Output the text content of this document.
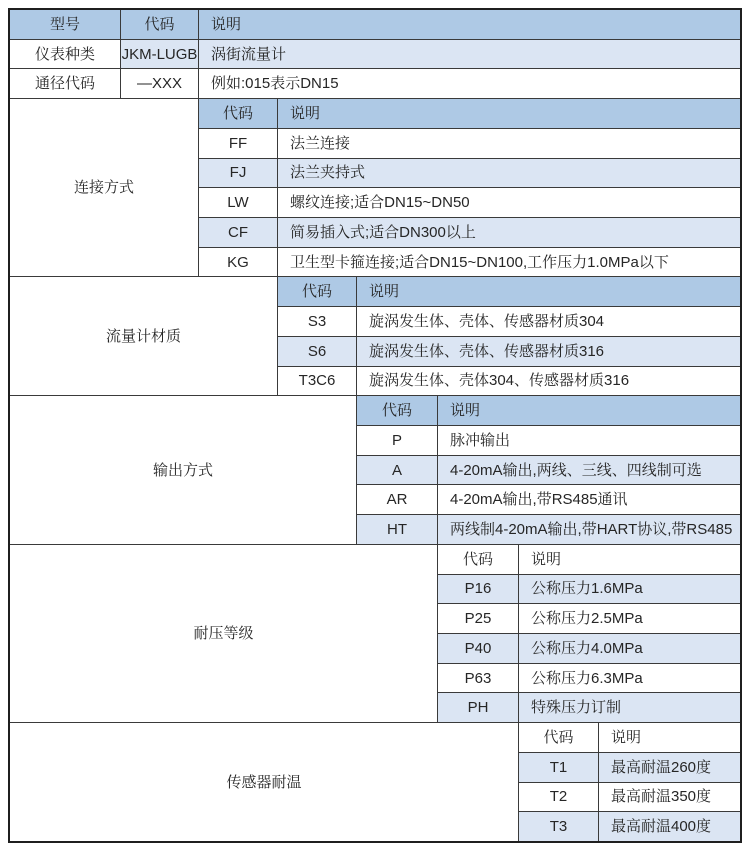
型号	代码	说明
仪表种类	JKM-LUGB 涡街流量计
通径代码	—XXX	例如:015表示DN15
连接方式
代码	说明
FF	法兰连接
FJ	法兰夹持式
LW	螺纹连接;适合DN15~DN50
CF	简易插入式;适合DN300以上
KG	卫生型卡箍连接;适合DN15~DN100,工作压力1.0MPa以下
流量计材质
代码	说明
S3	旋涡发生体、壳体、传感器材质304
S6	旋涡发生体、壳体、传感器材质316
T3C6	旋涡发生体、壳体304、传感器材质316
输出方式
代码	说明
P	脉冲输出
A	4-20mA输出,两线、三线、四线制可选
AR	4-20mA输出,带RS485通讯
HT	两线制4-20mA输出,带HART协议,带RS485
耐压等级
代码	说明
P16	公称压力1.6MPa
P25	公称压力2.5MPa
P40	公称压力4.0MPa
P63	公称压力6.3MPa
PH	特殊压力订制
传感器耐温
代码	说明
T1	最高耐温260度
T2	最高耐温350度
T3	最高耐温400度
